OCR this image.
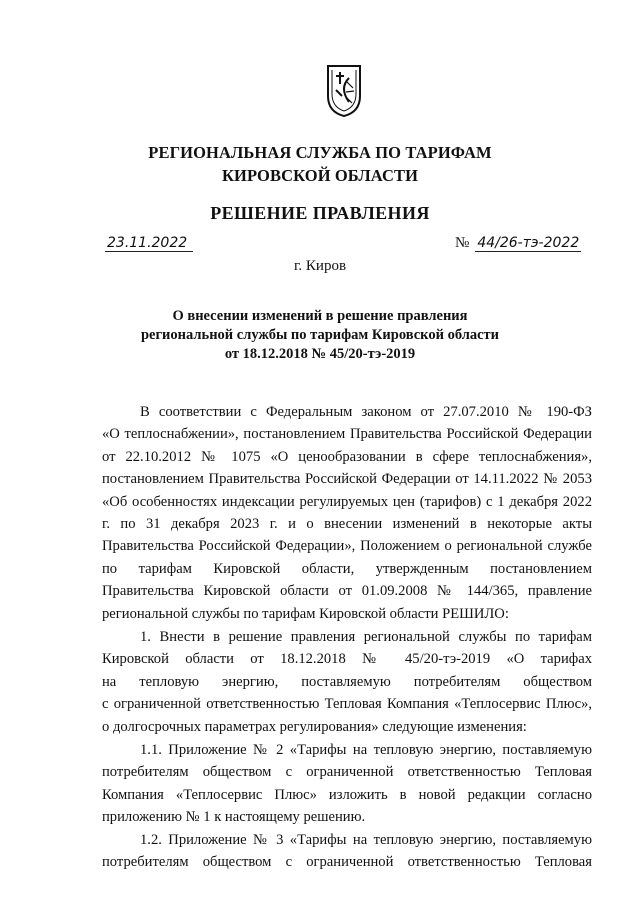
РЕГИОНАЛЬНАЯ СЛУЖБА ПО ТАРИФАМ
КИРОВСКОЙ ОБЛАСТИ
РЕШЕНИЕ ПРАВЛЕНИЯ
23.11.2022	№ 44/26-тэ-2022
г. Киров
О внесении изменений в решение правления
региональной службы по тарифам Кировской области
от 18.12.2018 № 45/20-тэ-2019
В соответствии с Федеральным законом от 27.07.2010 № 190-ФЗ
«О теплоснабжении», постановлением Правительства Российской Федерации
от 22.10.2012 № 1075 «О ценообразовании в сфере теплоснабжения»,
постановлением Правительства Российской Федерации от 14.11.2022 № 2053
«Об особенностях индексации регулируемых цен (тарифов) с 1 декабря 2022
г. по 31 декабря 2023 г. и о внесении изменений в некоторые акты
Правительства Российской Федерации», Положением о региональной службе
по тарифам Кировской области, утвержденным постановлением
Правительства Кировской области от 01.09.2008 № 144/365, правление
региональной службы по тарифам Кировской области РЕШИЛО:
1. Внести в решение правления региональной службы по тарифам
Кировской области от 18.12.2018 № 45/20-тэ-2019 «О тарифах
на тепловую энергию, поставляемую потребителям обществом
с ограниченной ответственностью Тепловая Компания «Теплосервис Плюс»,
о долгосрочных параметрах регулирования» следующие изменения:
1.1. Приложение № 2 «Тарифы на тепловую энергию, поставляемую
потребителям обществом с ограниченной ответственностью Тепловая
Компания «Теплосервис Плюс» изложить в новой редакции согласно
приложению № 1 к настоящему решению.
1.2. Приложение № 3 «Тарифы на тепловую энергию, поставляемую
потребителям обществом с ограниченной ответственностью Тепловая
